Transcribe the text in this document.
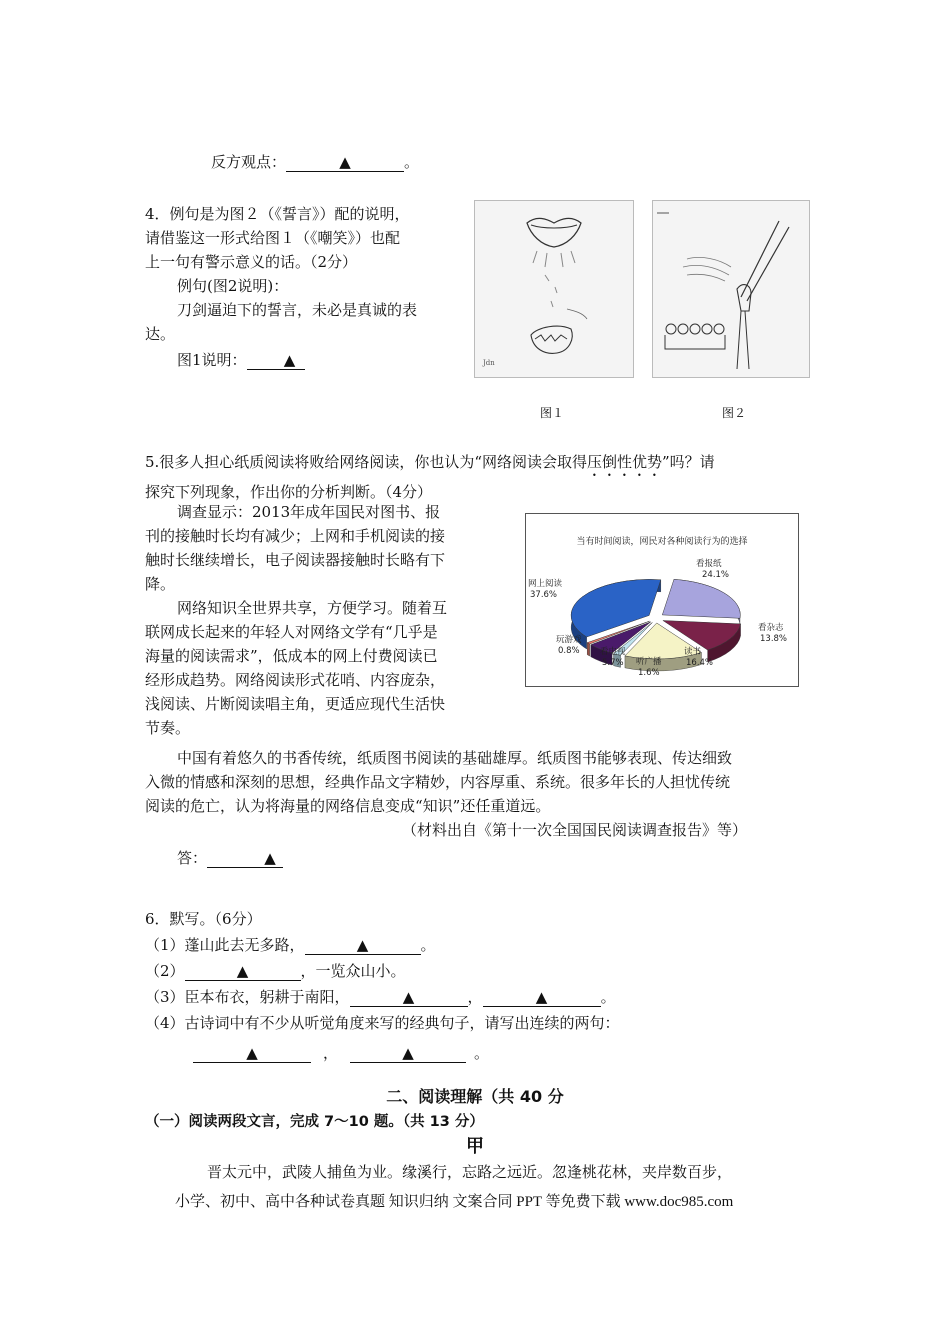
反方观点：	▲	。
4．例句是为图２（《誓言》）配的说明，
请借鉴这一形式给图１（《嘲笑》）也配
上一句有警示意义的话。（2分）
例句(图2说明)：
刀剑逼迫下的誓言，未必是真诚的表
达。
图1说明： ▲	Jdn
图１	图２
5.很多人担心纸质阅读将败给网络阅读，你也认为“网络阅读会取得压倒性优势”吗？请
探究下列现象，作出你的分析判断。（4分）
调查显示：2013年成年国民对图书、报
刊的接触时长均有减少；上网和手机阅读的接
触时长继续增长，电子阅读器接触时长略有下
降。
网络知识全世界共享，方便学习。随着互
联网成长起来的年轻人对网络文学有“几乎是
海量的阅读需求”，低成本的网上付费阅读已
经形成趋势。网络阅读形式花哨、内容庞杂，
浅阅读、片断阅读唱主角，更适应现代生活快
节奏。
当有时间阅读，网民对各种阅读行为的选择
看报纸
24.1%
看杂志
13.8%
读书
16.4%
听广播
1.6%
看电视
5.7%
玩游戏
0.8%
网上阅读
37.6%
中国有着悠久的书香传统，纸质图书阅读的基础雄厚。纸质图书能够表现、传达细致
入微的情感和深刻的思想，经典作品文字精妙，内容厚重、系统。很多年长的人担忧传统
阅读的危亡，认为将海量的网络信息变成“知识”还任重道远。
（材料出自《第十一次全国国民阅读调查报告》等）
答：	▲
6．默写。（6分）
（1）蓬山此去无多路，	▲	。
（2）	▲	，一览众山小。
（3）臣本布衣，躬耕于南阳，	▲	，	▲	。
（4）古诗词中有不少从听觉角度来写的经典句子，请写出连续的两句：
▲	，	▲	。
二、阅读理解（共 40 分
（一）阅读两段文言，完成 7～10 题。（共 13 分）
甲
晋太元中，武陵人捕鱼为业。缘溪行，忘路之远近。忽逢桃花林，夹岸数百步，
小学、初中、高中各种试卷真题 知识归纳 文案合同 PPT 等免费下载 www.doc985.com
